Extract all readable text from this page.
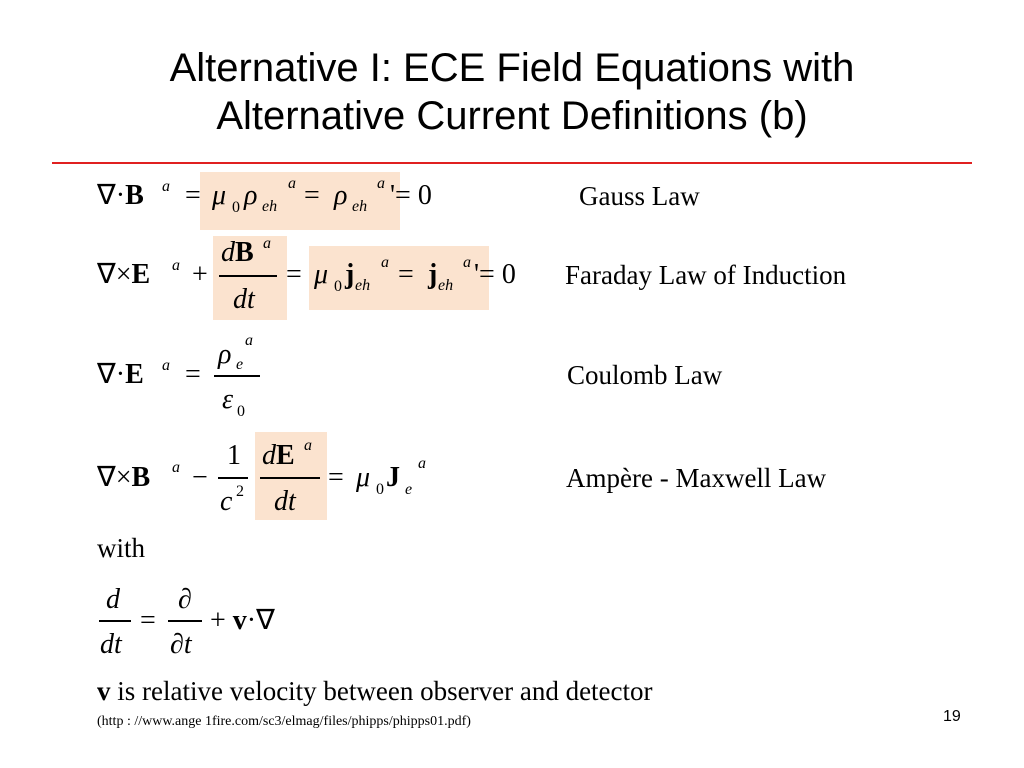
Alternative I: ECE Field Equations with
Alternative Current Definitions (b)
∇·B a = μ 0 ρ eh
a = ρ eh
a '= 0	Gauss Law
∇×E a +
dB a
dt
= μ 0 j eh
a = j eh
a '= 0 Faraday Law of Induction
∇·E a =
ρ e
a
ε 0
Coulomb Law
∇×B a −
1
c 2
dE a
dt
= μ 0 J e
a	Ampère - Maxwell Law
with
d
dt
=
∂
∂t
+ v·∇
v is relative velocity between observer and detector
(http : //www.ange 1fire.com/sc3/elmag/files/phipps/phipps01.pdf)	19
